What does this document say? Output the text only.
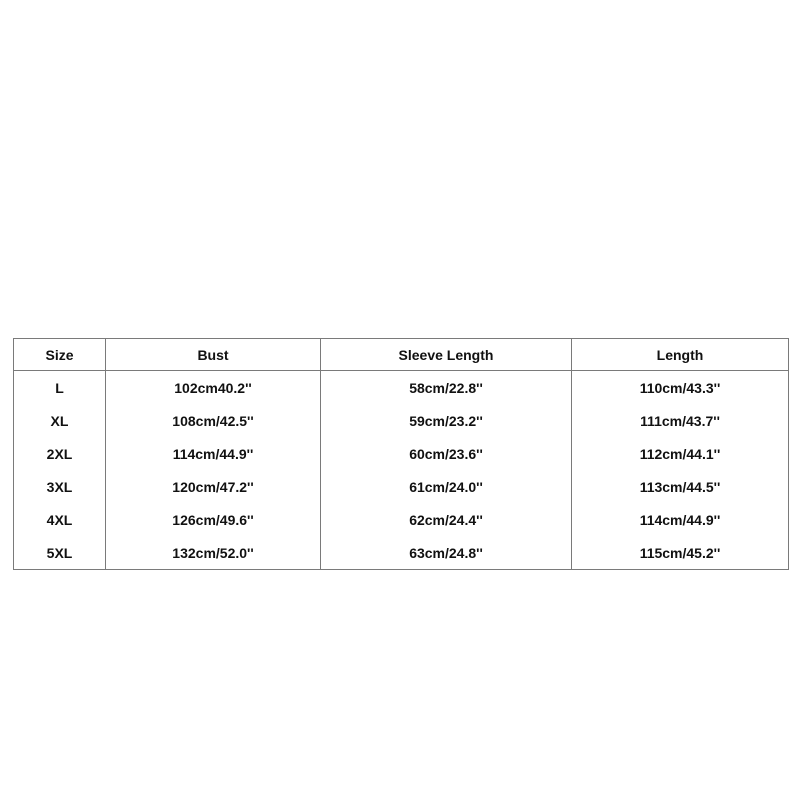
Size	Bust	Sleeve Length	Length
L	102cm40.2''	58cm/22.8''	110cm/43.3''
XL	108cm/42.5''	59cm/23.2''	111cm/43.7''
2XL	114cm/44.9''	60cm/23.6''	112cm/44.1''
3XL	120cm/47.2''	61cm/24.0''	113cm/44.5''
4XL	126cm/49.6''	62cm/24.4''	114cm/44.9''
5XL	132cm/52.0''	63cm/24.8''	115cm/45.2''
